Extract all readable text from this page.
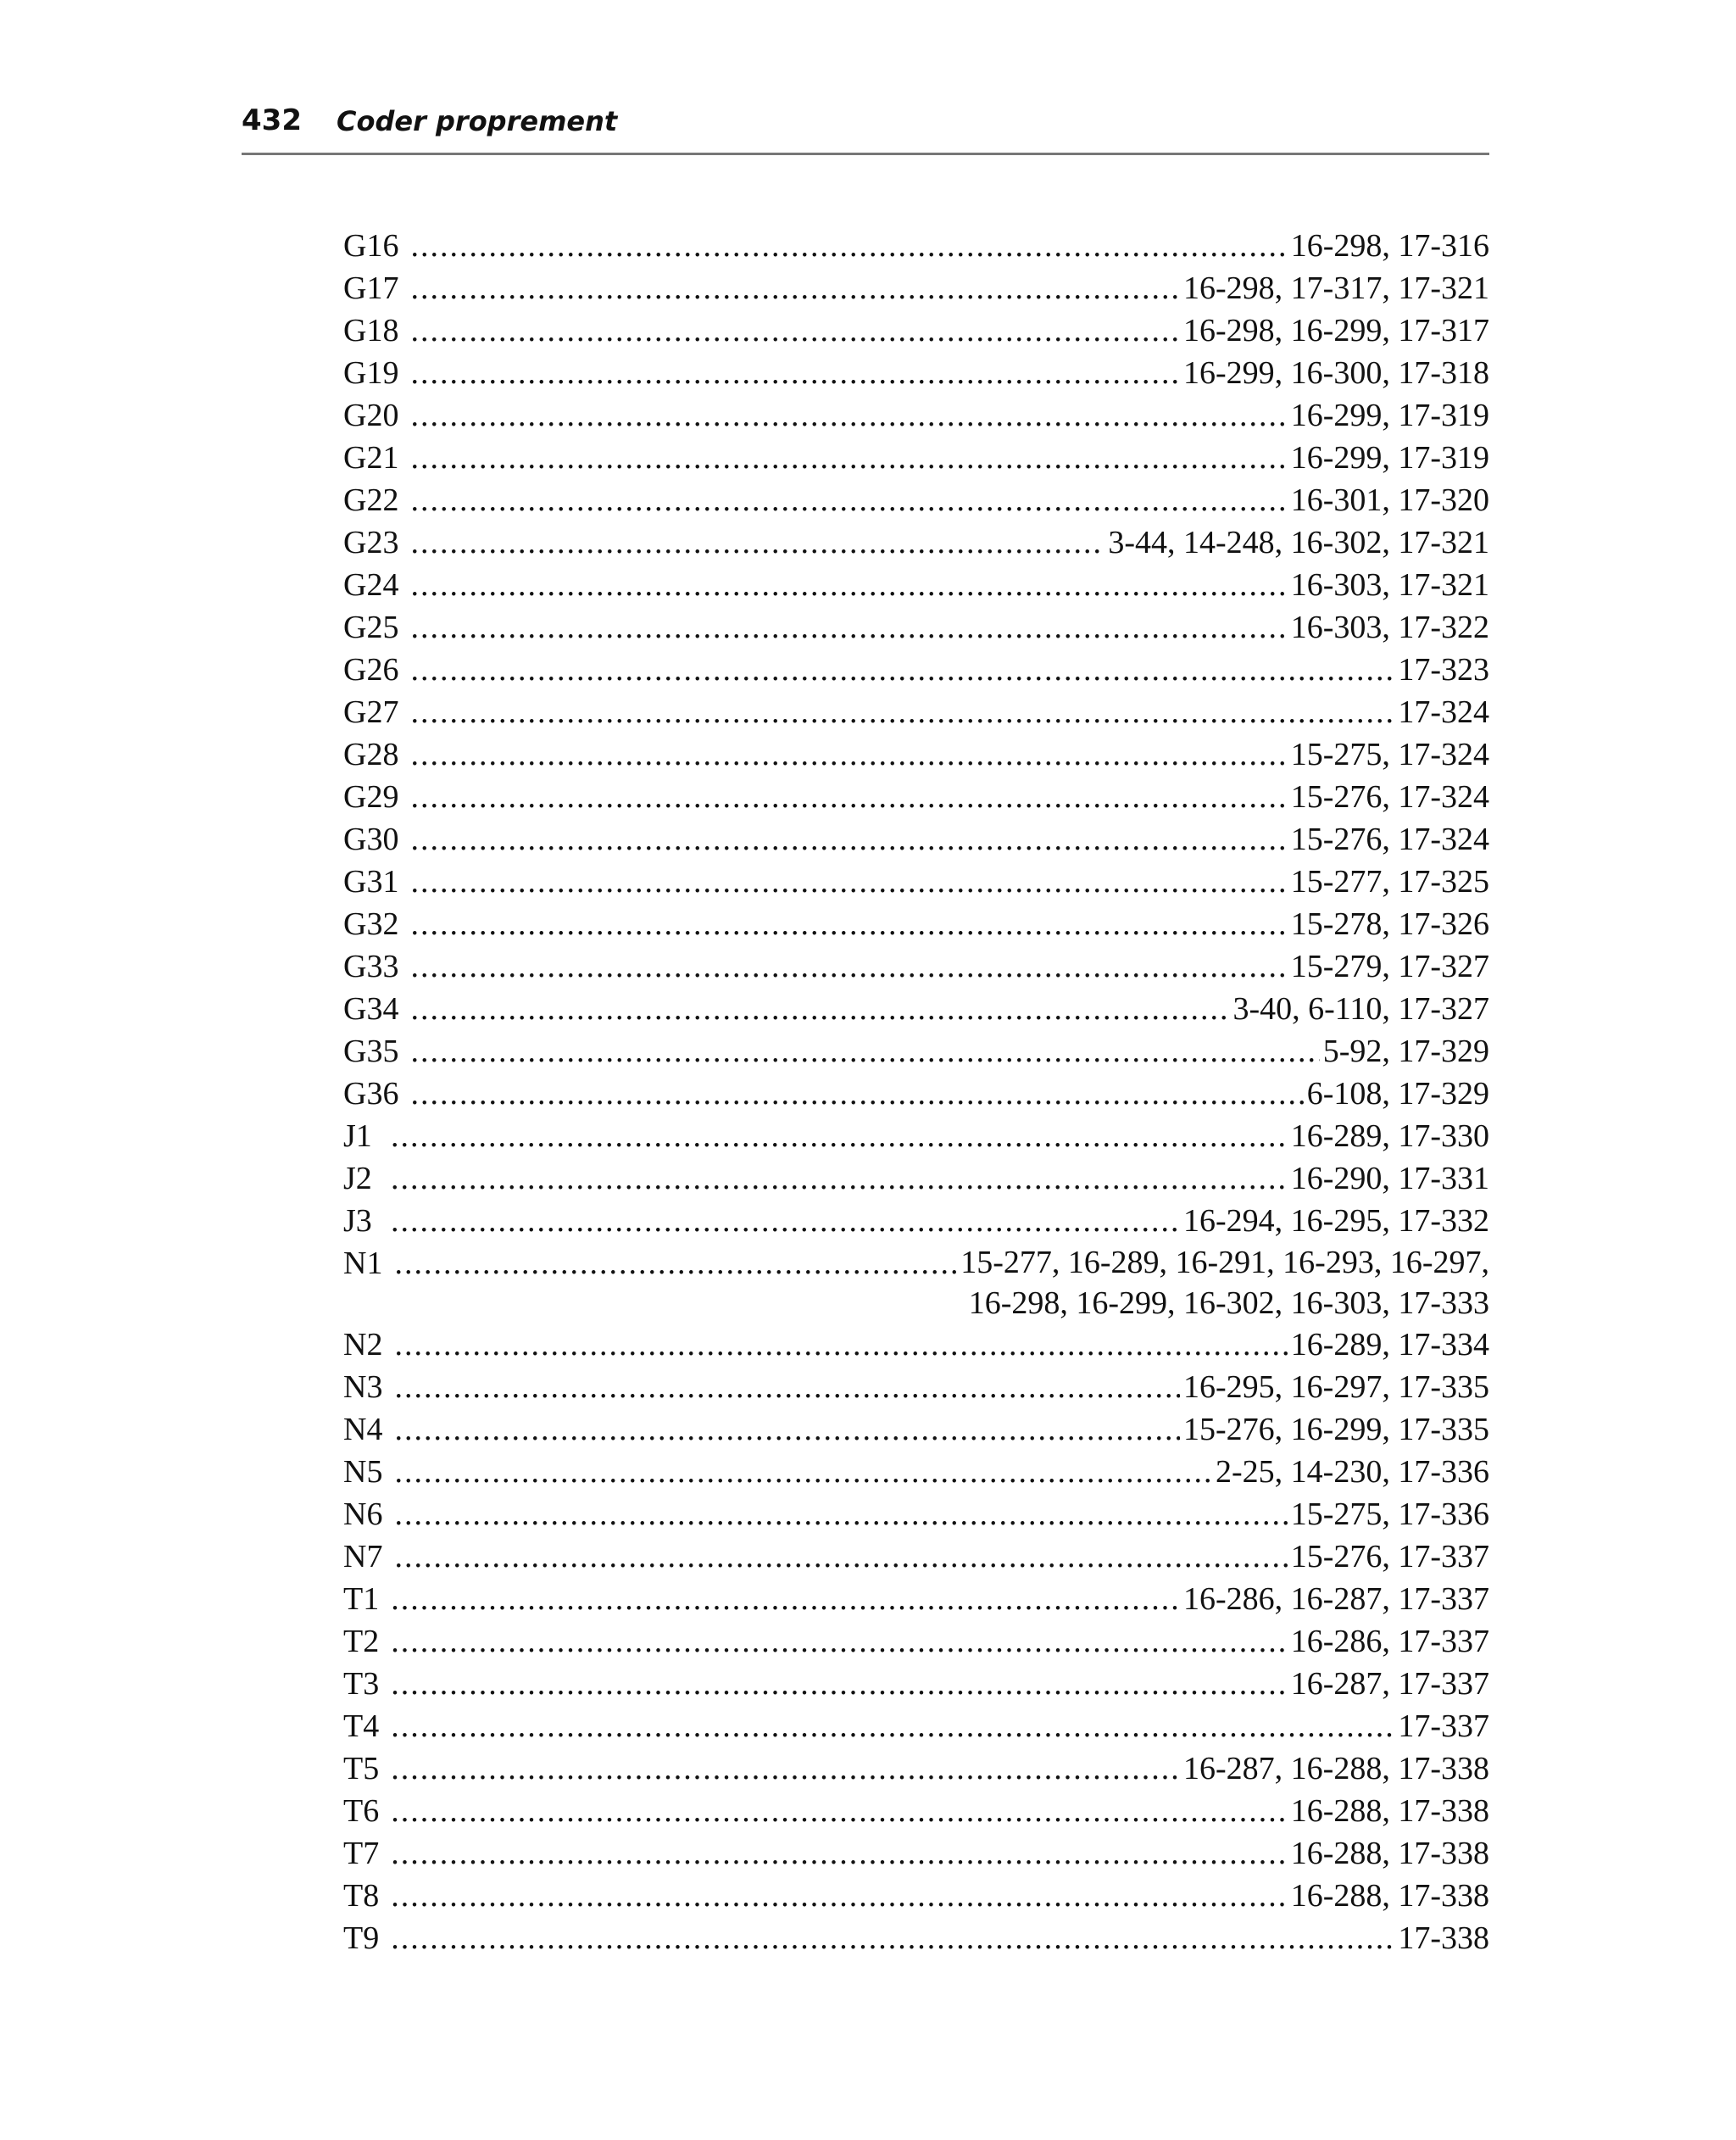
432 Coder proprement
G16 .....	16-298, 17-316
G17 .....	16-298, 17-317, 17-321
G18 .....	16-298, 16-299, 17-317
G19 .....	16-299, 16-300, 17-318
G20 .....	16-299, 17-319
G21 .....	16-299, 17-319
G22 .....	16-301, 17-320
G23 .....	3-44, 14-248, 16-302, 17-321
G24 .....	16-303, 17-321
G25 .....	16-303, 17-322
G26 .....	17-323
G27 .....	17-324
G28 .....	15-275, 17-324
G29 .....	15-276, 17-324
G30 .....	15-276, 17-324
G31 .....	15-277, 17-325
G32 .....	15-278, 17-326
G33 .....	15-279, 17-327
G34 .....	3-40, 6-110, 17-327
G35 .....	5-92, 17-329
G36 .....	6-108, 17-329
J1 .....	16-289, 17-330
J2 .....	16-290, 17-331
J3 .....	16-294, 16-295, 17-332
N1 .....	15-277, 16-289, 16-291, 16-293, 16-297,
16-298, 16-299, 16-302, 16-303, 17-333
N2 .....	16-289, 17-334
N3 .....	16-295, 16-297, 17-335
N4 .....	15-276, 16-299, 17-335
N5 .....	2-25, 14-230, 17-336
N6 .....	15-275, 17-336
N7 .....	15-276, 17-337
T1 .....	16-286, 16-287, 17-337
T2 .....	16-286, 17-337
T3 .....	16-287, 17-337
T4 .....	17-337
T5 .....	16-287, 16-288, 17-338
T6 .....	16-288, 17-338
T7 .....	16-288, 17-338
T8 .....	16-288, 17-338
T9 .....	17-338
